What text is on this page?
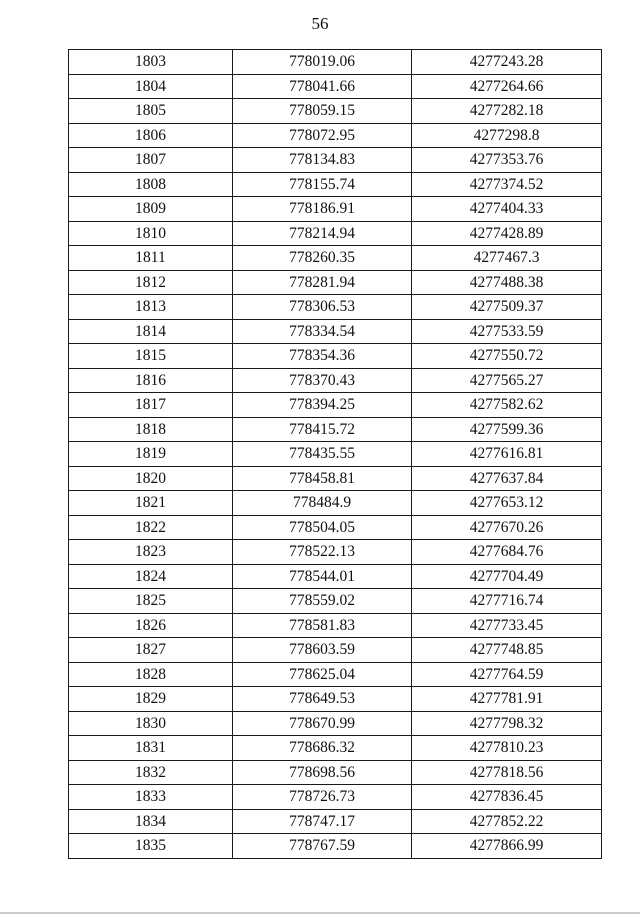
56
1803	778019.06	4277243.28
1804	778041.66	4277264.66
1805	778059.15	4277282.18
1806	778072.95	4277298.8
1807	778134.83	4277353.76
1808	778155.74	4277374.52
1809	778186.91	4277404.33
1810	778214.94	4277428.89
1811	778260.35	4277467.3
1812	778281.94	4277488.38
1813	778306.53	4277509.37
1814	778334.54	4277533.59
1815	778354.36	4277550.72
1816	778370.43	4277565.27
1817	778394.25	4277582.62
1818	778415.72	4277599.36
1819	778435.55	4277616.81
1820	778458.81	4277637.84
1821	778484.9	4277653.12
1822	778504.05	4277670.26
1823	778522.13	4277684.76
1824	778544.01	4277704.49
1825	778559.02	4277716.74
1826	778581.83	4277733.45
1827	778603.59	4277748.85
1828	778625.04	4277764.59
1829	778649.53	4277781.91
1830	778670.99	4277798.32
1831	778686.32	4277810.23
1832	778698.56	4277818.56
1833	778726.73	4277836.45
1834	778747.17	4277852.22
1835	778767.59	4277866.99
